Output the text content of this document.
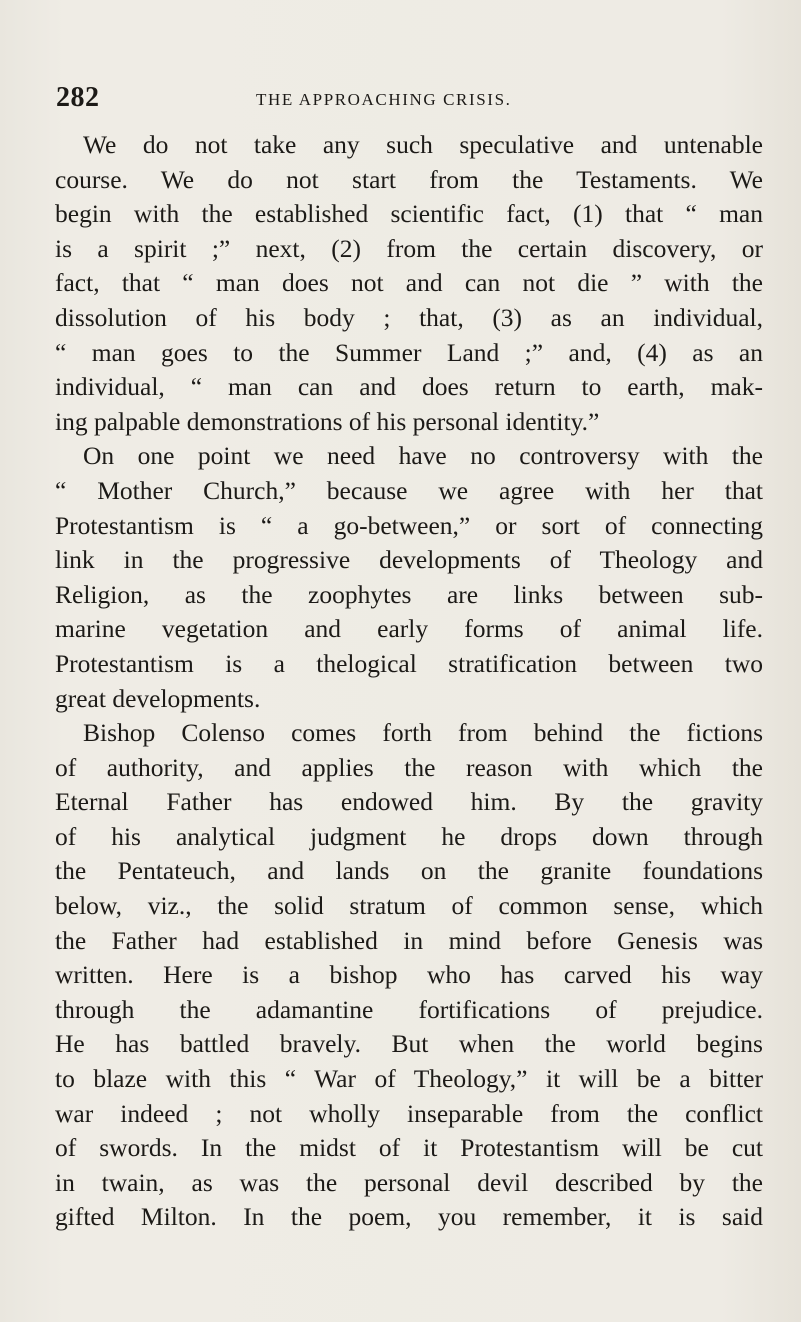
282	THE APPROACHING CRISIS.
We do not take any such speculative and untenable
course. We do not start from the Testaments. We
begin with the established scientific fact, (1) that “ man
is a spirit ;” next, (2) from the certain discovery, or
fact, that “ man does not and can not die ” with the
dissolution of his body ; that, (3) as an individual,
“ man goes to the Summer Land ;” and, (4) as an
individual, “ man can and does return to earth, mak-
ing palpable demonstrations of his personal identity.”
On one point we need have no controversy with the
“ Mother Church,” because we agree with her that
Protestantism is “ a go-between,” or sort of connecting
link in the progressive developments of Theology and
Religion, as the zoophytes are links between sub-
marine vegetation and early forms of animal life.
Protestantism is a thelogical stratification between two
great developments.
Bishop Colenso comes forth from behind the fictions
of authority, and applies the reason with which the
Eternal Father has endowed him. By the gravity
of his analytical judgment he drops down through
the Pentateuch, and lands on the granite foundations
below, viz., the solid stratum of common sense, which
the Father had established in mind before Genesis was
written. Here is a bishop who has carved his way
through the adamantine fortifications of prejudice.
He has battled bravely. But when the world begins
to blaze with this “ War of Theology,” it will be a bitter
war indeed ; not wholly inseparable from the conflict
of swords. In the midst of it Protestantism will be cut
in twain, as was the personal devil described by the
gifted Milton. In the poem, you remember, it is said
